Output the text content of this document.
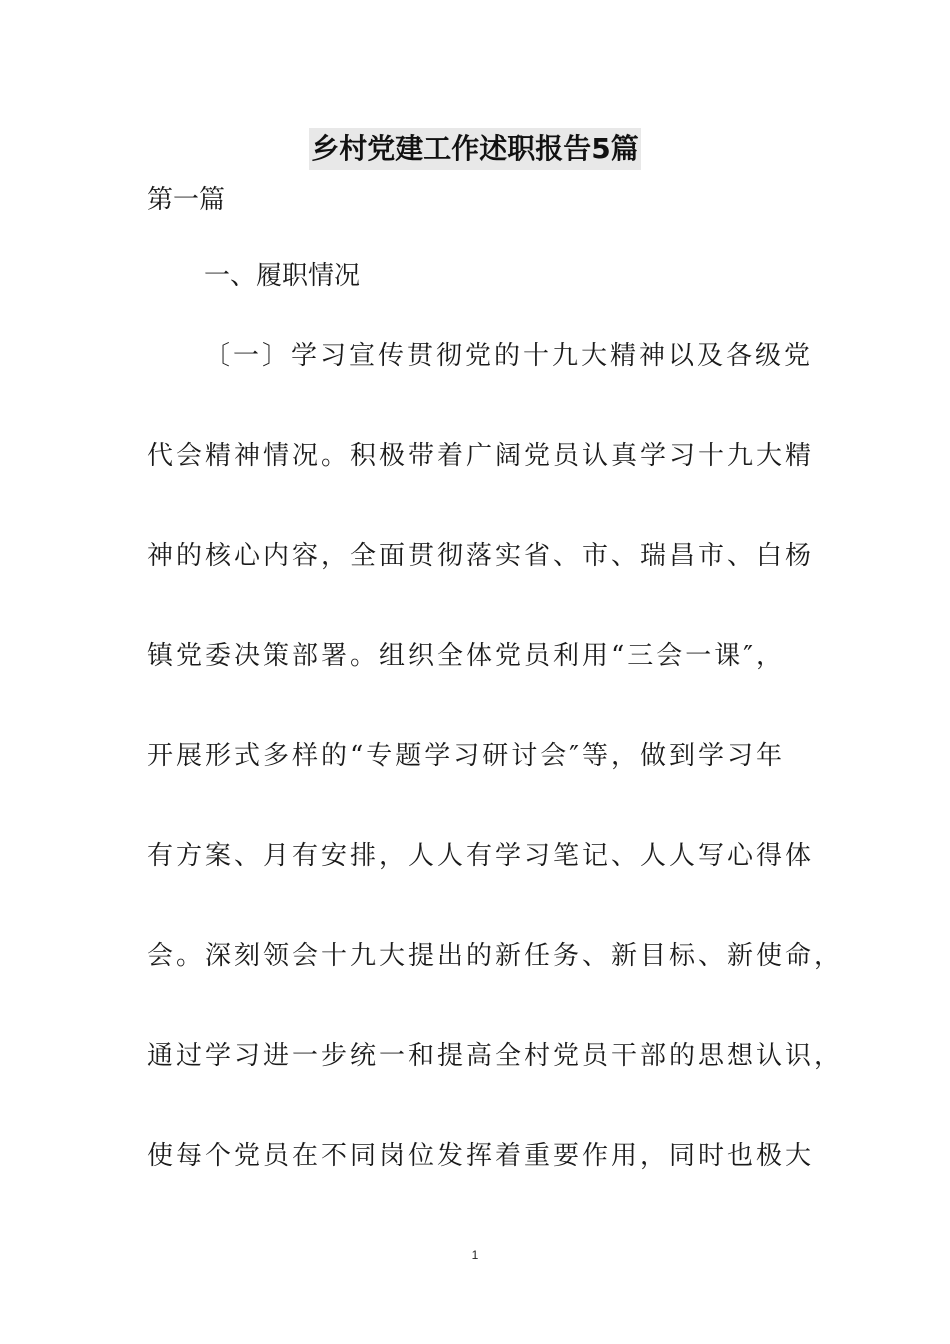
乡村党建工作述职报告5篇
第一篇
一、履职情况
〔一〕学习宣传贯彻党的十九大精神以及各级党
代会精神情况。积极带着广阔党员认真学习十九大精
神的核心内容，全面贯彻落实省、市、瑞昌市、白杨
镇党委决策部署。组织全体党员利用“三会一课″，
开展形式多样的“专题学习研讨会″等，做到学习年
有方案、月有安排，人人有学习笔记、人人写心得体
会。深刻领会十九大提出的新任务、新目标、新使命，
通过学习进一步统一和提高全村党员干部的思想认识，
使每个党员在不同岗位发挥着重要作用，同时也极大
1
